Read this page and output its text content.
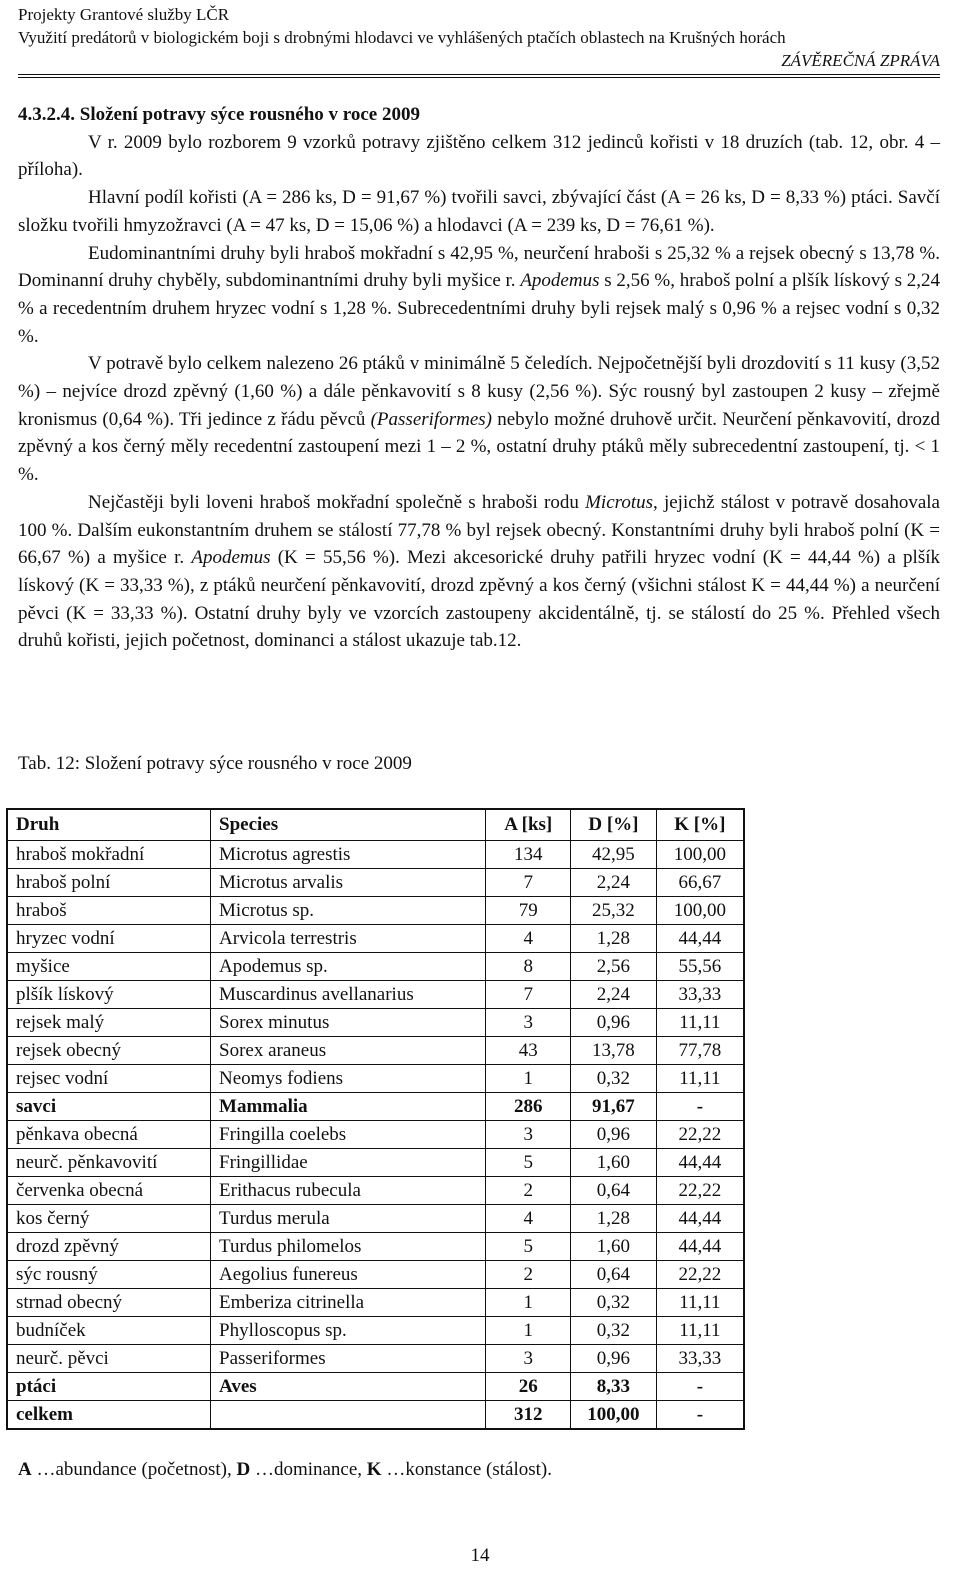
Projekty Grantové služby LČR
Využití predátorů v biologickém boji s drobnými hlodavci ve vyhlášených ptačích oblastech na Krušných horách
ZÁVĚREČNÁ ZPRÁVA

4.3.2.4. Složení potravy sýce rousného v roce 2009

V r. 2009 bylo rozborem 9 vzorků potravy zjištěno celkem 312 jedinců kořisti v 18 druzích (tab. 12, obr. 4 – příloha).

Hlavní podíl kořisti (A = 286 ks, D = 91,67 %) tvořili savci, zbývající část (A = 26 ks, D = 8,33 %) ptáci. Savčí složku tvořili hmyzožravci (A = 47 ks, D = 15,06 %) a hlodavci (A = 239 ks, D = 76,61 %).

Eudominantními druhy byli hraboš mokřadní s 42,95 %, neurčení hraboši s 25,32 % a rejsek obecný s 13,78 %. Dominanní druhy chyběly, subdominantními druhy byli myšice r. Apodemus s 2,56 %, hraboš polní a plšík lískový s 2,24 % a recedentním druhem hryzec vodní s 1,28 %. Subrecedentními druhy byli rejsek malý s 0,96 % a rejsec vodní s 0,32 %.

V potravě bylo celkem nalezeno 26 ptáků v minimálně 5 čeledích. Nejpočetnější byli drozdovití s 11 kusy (3,52 %) – nejvíce drozd zpěvný (1,60 %) a dále pěnkavovití s 8 kusy (2,56 %). Sýc rousný byl zastoupen 2 kusy – zřejmě kronismus (0,64 %). Tři jedince z řádu pěvců (Passeriformes) nebylo možné druhově určit. Neurčení pěnkavovití, drozd zpěvný a kos černý měly recedentní zastoupení mezi 1 – 2 %, ostatní druhy ptáků měly subrecedentní zastoupení, tj. < 1 %.

Nejčastěji byli loveni hraboš mokřadní společně s hraboši rodu Microtus, jejichž stálost v potravě dosahovala 100 %. Dalším eukonstantním druhem se stálostí 77,78 % byl rejsek obecný. Konstantními druhy byli hraboš polní (K = 66,67 %) a myšice r. Apodemus (K = 55,56 %). Mezi akcesorické druhy patřili hryzec vodní (K = 44,44 %) a plšík lískový (K = 33,33 %), z ptáků neurčení pěnkavovití, drozd zpěvný a kos černý (všichni stálost K = 44,44 %) a neurčení pěvci (K = 33,33 %). Ostatní druhy byly ve vzorcích zastoupeny akcidentálně, tj. se stálostí do 25 %. Přehled všech druhů kořisti, jejich početnost, dominanci a stálost ukazuje tab.12.

Tab. 12: Složení potravy sýce rousného v roce 2009
Druh	Species	A [ks]	D [%]	K [%]
hraboš mokřadní	Microtus agrestis	134	42,95	100,00
hraboš polní	Microtus arvalis	7	2,24	66,67
hraboš	Microtus sp.	79	25,32	100,00
hryzec vodní	Arvicola terrestris	4	1,28	44,44
myšice	Apodemus sp.	8	2,56	55,56
plšík lískový	Muscardinus avellanarius	7	2,24	33,33
rejsek malý	Sorex minutus	3	0,96	11,11
rejsek obecný	Sorex araneus	43	13,78	77,78
rejsec vodní	Neomys fodiens	1	0,32	11,11
savci	Mammalia	286	91,67	-
pěnkava obecná	Fringilla coelebs	3	0,96	22,22
neurč. pěnkavovití	Fringillidae	5	1,60	44,44
červenka obecná	Erithacus rubecula	2	0,64	22,22
kos černý	Turdus merula	4	1,28	44,44
drozd zpěvný	Turdus philomelos	5	1,60	44,44
sýc rousný	Aegolius funereus	2	0,64	22,22
strnad obecný	Emberiza citrinella	1	0,32	11,11
budníček	Phylloscopus sp.	1	0,32	11,11
neurč. pěvci	Passeriformes	3	0,96	33,33
ptáci	Aves	26	8,33	-
celkem		312	100,00	-
A …abundance (početnost), D …dominance, K …konstance (stálost).
14
